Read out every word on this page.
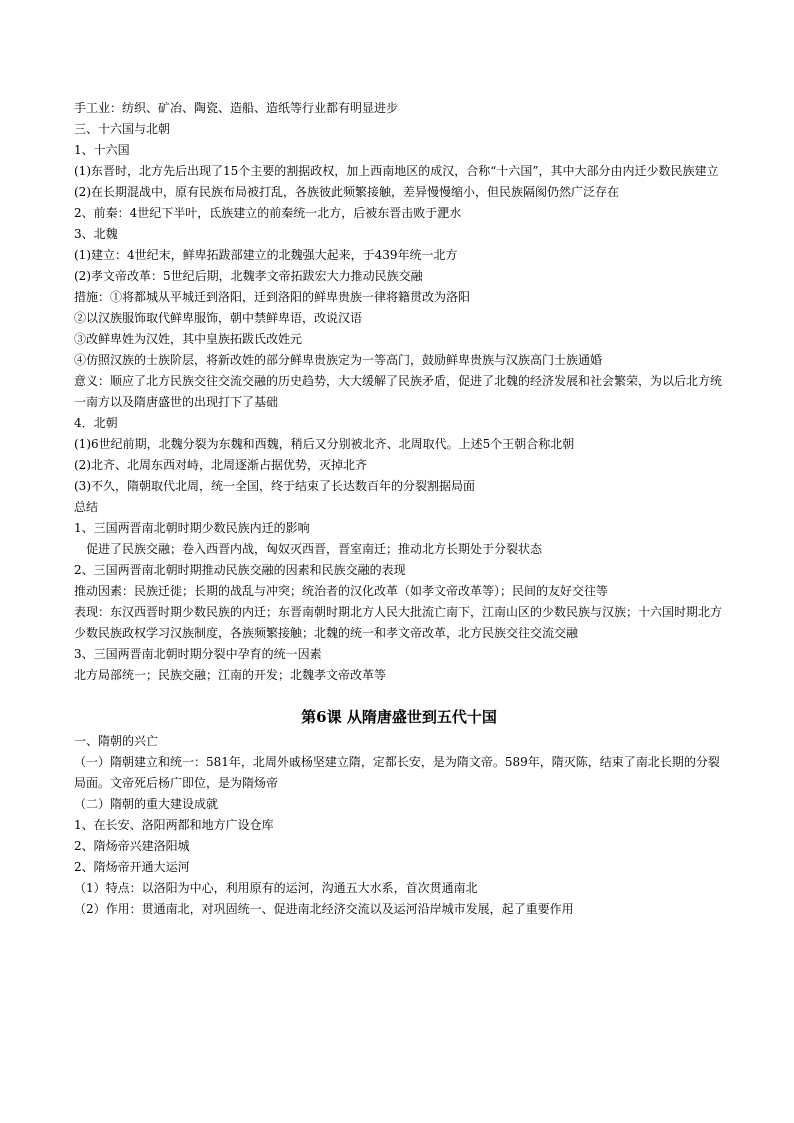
手工业：纺织、矿冶、陶瓷、造船、造纸等行业都有明显进步
三、十六国与北朝
1、十六国
(1)东晋时，北方先后出现了15个主要的割据政权，加上西南地区的成汉，合称“十六国”，其中大部分由内迁少数民族建立
(2)在长期混战中，原有民族布局被打乱，各族彼此频繁接触，差异慢慢缩小，但民族隔阂仍然广泛存在
2、前秦：4世纪下半叶，氐族建立的前秦统一北方，后被东晋击败于淝水
3、北魏
(1)建立：4世纪末，鲜卑拓跋部建立的北魏强大起来，于439年统一北方
(2)孝文帝改革：5世纪后期，北魏孝文帝拓跋宏大力推动民族交融
措施：①将都城从平城迁到洛阳，迁到洛阳的鲜卑贵族一律将籍贯改为洛阳
②以汉族服饰取代鲜卑服饰，朝中禁鲜卑语，改说汉语
③改鲜卑姓为汉姓，其中皇族拓跋氏改姓元
④仿照汉族的士族阶层，将新改姓的部分鲜卑贵族定为一等高门，鼓励鲜卑贵族与汉族高门士族通婚
意义：顺应了北方民族交往交流交融的历史趋势，大大缓解了民族矛盾，促进了北魏的经济发展和社会繁荣，为以后北方统一南方以及隋唐盛世的出现打下了基础
4．北朝
(1)6世纪前期，北魏分裂为东魏和西魏，稍后又分别被北齐、北周取代。上述5个王朝合称北朝
(2)北齐、北周东西对峙，北周逐渐占据优势，灭掉北齐
(3)不久，隋朝取代北周，统一全国，终于结束了长达数百年的分裂割据局面
总结
1、三国两晋南北朝时期少数民族内迁的影响
促进了民族交融；卷入西晋内战，匈奴灭西晋，晋室南迁；推动北方长期处于分裂状态
2、三国两晋南北朝时期推动民族交融的因素和民族交融的表现
推动因素：民族迁徙；长期的战乱与冲突；统治者的汉化改革（如孝文帝改革等）；民间的友好交往等
表现：东汉西晋时期少数民族的内迁；东晋南朝时期北方人民大批流亡南下，江南山区的少数民族与汉族；十六国时期北方少数民族政权学习汉族制度，各族频繁接触；北魏的统一和孝文帝改革，北方民族交往交流交融
3、三国两晋南北朝时期分裂中孕育的统一因素
北方局部统一；民族交融；江南的开发；北魏孝文帝改革等
第6课 从隋唐盛世到五代十国
一、隋朝的兴亡
（一）隋朝建立和统一：581年，北周外戚杨坚建立隋，定都长安，是为隋文帝。589年，隋灭陈，结束了南北长期的分裂局面。文帝死后杨广即位，是为隋炀帝
（二）隋朝的重大建设成就
1、在长安、洛阳两都和地方广设仓库
2、隋炀帝兴建洛阳城
2、隋炀帝开通大运河
（1）特点：以洛阳为中心，利用原有的运河，沟通五大水系，首次贯通南北
（2）作用：贯通南北，对巩固统一、促进南北经济交流以及运河沿岸城市发展，起了重要作用
